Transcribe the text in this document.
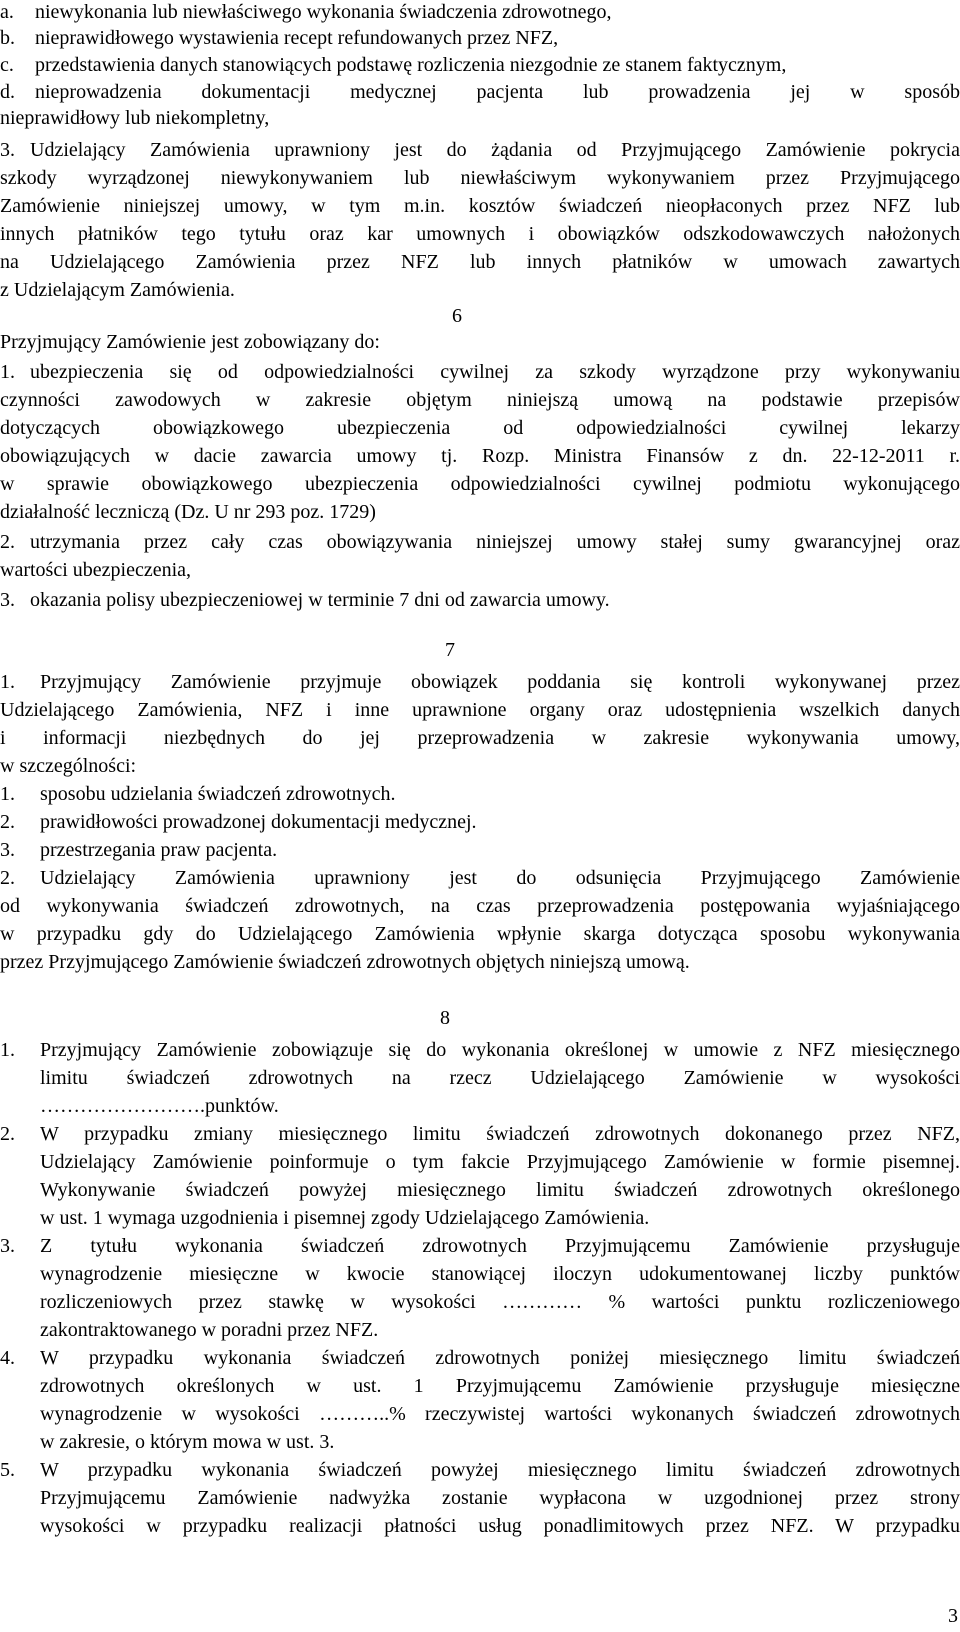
a. niewykonania lub niewłaściwego wykonania świadczenia zdrowotnego,
b. nieprawidłowego wystawienia recept refundowanych przez NFZ,
c. przedstawienia danych stanowiących podstawę rozliczenia niezgodnie ze stanem faktycznym,
d. nieprowadzenia dokumentacji medycznej pacjenta lub prowadzenia jej w sposób
nieprawidłowy lub niekompletny,
3. Udzielający Zamówienia uprawniony jest do żądania od Przyjmującego Zamówienie pokrycia
szkody wyrządzonej niewykonywaniem lub niewłaściwym wykonywaniem przez Przyjmującego
Zamówienie niniejszej umowy, w tym m.in. kosztów świadczeń nieopłaconych przez NFZ lub
innych płatników tego tytułu oraz kar umownych i obowiązków odszkodowawczych nałożonych
na Udzielającego Zamówienia przez NFZ lub innych płatników w umowach zawartych
z Udzielającym Zamówienia.
6
Przyjmujący Zamówienie jest zobowiązany do:
1. ubezpieczenia się od odpowiedzialności cywilnej za szkody wyrządzone przy wykonywaniu
czynności zawodowych w zakresie objętym niniejszą umową na podstawie przepisów
dotyczących obowiązkowego ubezpieczenia od odpowiedzialności cywilnej lekarzy
obowiązujących w dacie zawarcia umowy tj. Rozp. Ministra Finansów z dn. 22-12-2011 r.
w sprawie obowiązkowego ubezpieczenia odpowiedzialności cywilnej podmiotu wykonującego
działalność leczniczą (Dz. U nr 293 poz. 1729)
2. utrzymania przez cały czas obowiązywania niniejszej umowy stałej sumy gwarancyjnej oraz
wartości ubezpieczenia,
3. okazania polisy ubezpieczeniowej w terminie 7 dni od zawarcia umowy.
7
1. Przyjmujący Zamówienie przyjmuje obowiązek poddania się kontroli wykonywanej przez
Udzielającego Zamówienia, NFZ i inne uprawnione organy oraz udostępnienia wszelkich danych
i informacji niezbędnych do jej przeprowadzenia w zakresie wykonywania umowy,
w szczególności:
1. sposobu udzielania świadczeń zdrowotnych.
2. prawidłowości prowadzonej dokumentacji medycznej.
3. przestrzegania praw pacjenta.
2. Udzielający Zamówienia uprawniony jest do odsunięcia Przyjmującego Zamówienie
od wykonywania świadczeń zdrowotnych, na czas przeprowadzenia postępowania wyjaśniającego
w przypadku gdy do Udzielającego Zamówienia wpłynie skarga dotycząca sposobu wykonywania
przez Przyjmującego Zamówienie świadczeń zdrowotnych objętych niniejszą umową.
8
1. Przyjmujący Zamówienie zobowiązuje się do wykonania określonej w umowie z NFZ miesięcznego
limitu świadczeń zdrowotnych na rzecz Udzielającego Zamówienie w wysokości
…………………….punktów.
2. W przypadku zmiany miesięcznego limitu świadczeń zdrowotnych dokonanego przez NFZ,
Udzielający Zamówienie poinformuje o tym fakcie Przyjmującego Zamówienie w formie pisemnej.
Wykonywanie świadczeń powyżej miesięcznego limitu świadczeń zdrowotnych określonego
w ust. 1 wymaga uzgodnienia i pisemnej zgody Udzielającego Zamówienia.
3. Z tytułu wykonania świadczeń zdrowotnych Przyjmującemu Zamówienie przysługuje
wynagrodzenie miesięczne w kwocie stanowiącej iloczyn udokumentowanej liczby punktów
rozliczeniowych przez stawkę w wysokości ………… % wartości punktu rozliczeniowego
zakontraktowanego w poradni przez NFZ.
4. W przypadku wykonania świadczeń zdrowotnych poniżej miesięcznego limitu świadczeń
zdrowotnych określonych w ust. 1 Przyjmującemu Zamówienie przysługuje miesięczne
wynagrodzenie w wysokości ………..% rzeczywistej wartości wykonanych świadczeń zdrowotnych
w zakresie, o którym mowa w ust. 3.
5. W przypadku wykonania świadczeń powyżej miesięcznego limitu świadczeń zdrowotnych
Przyjmującemu Zamówienie nadwyżka zostanie wypłacona w uzgodnionej przez strony
wysokości w przypadku realizacji płatności usług ponadlimitowych przez NFZ. W przypadku
3
